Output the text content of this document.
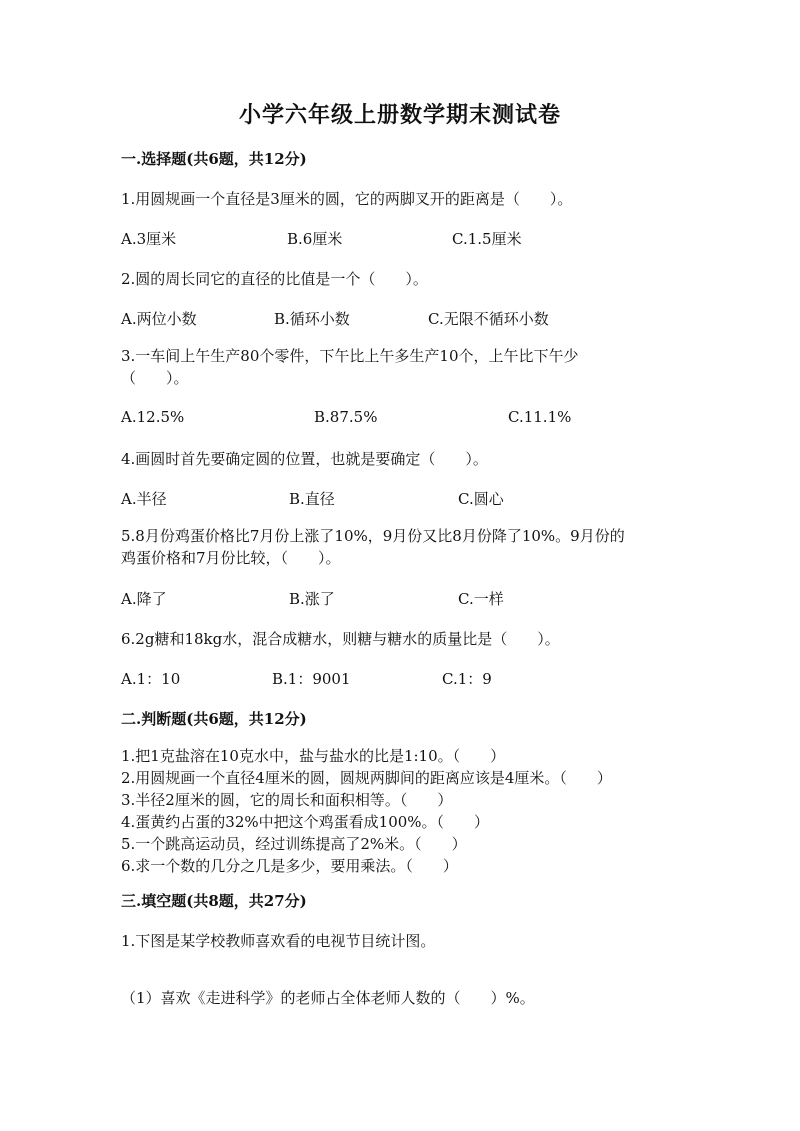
小学六年级上册数学期末测试卷
一.选择题(共6题，共12分)
1.用圆规画一个直径是3厘米的圆，它的两脚叉开的距离是（　　）。
A.3厘米	B.6厘米	C.1.5厘米
2.圆的周长同它的直径的比值是一个（　　）。
A.两位小数	B.循环小数	C.无限不循环小数
3.一车间上午生产80个零件，下午比上午多生产10个，上午比下午少
（　　）。
A.12.5%	B.87.5%	C.11.1%
4.画圆时首先要确定圆的位置，也就是要确定（　　）。
A.半径	B.直径	C.圆心
5.8月份鸡蛋价格比7月份上涨了10%，9月份又比8月份降了10%。9月份的
鸡蛋价格和7月份比较，（　　）。
A.降了	B.涨了	C.一样
6.2g糖和18kg水，混合成糖水，则糖与糖水的质量比是（　　）。
A.1：10	B.1：9001	C.1：9
二.判断题(共6题，共12分)
1.把1克盐溶在10克水中，盐与盐水的比是1:10。（　　）
2.用圆规画一个直径4厘米的圆，圆规两脚间的距离应该是4厘米。（　　）
3.半径2厘米的圆，它的周长和面积相等。（　　）
4.蛋黄约占蛋的32%中把这个鸡蛋看成100%。（　　）
5.一个跳高运动员，经过训练提高了2%米。（　　）
6.求一个数的几分之几是多少，要用乘法。（　　）
三.填空题(共8题，共27分)
1.下图是某学校教师喜欢看的电视节目统计图。
（1）喜欢《走进科学》的老师占全体老师人数的（　　）%。
